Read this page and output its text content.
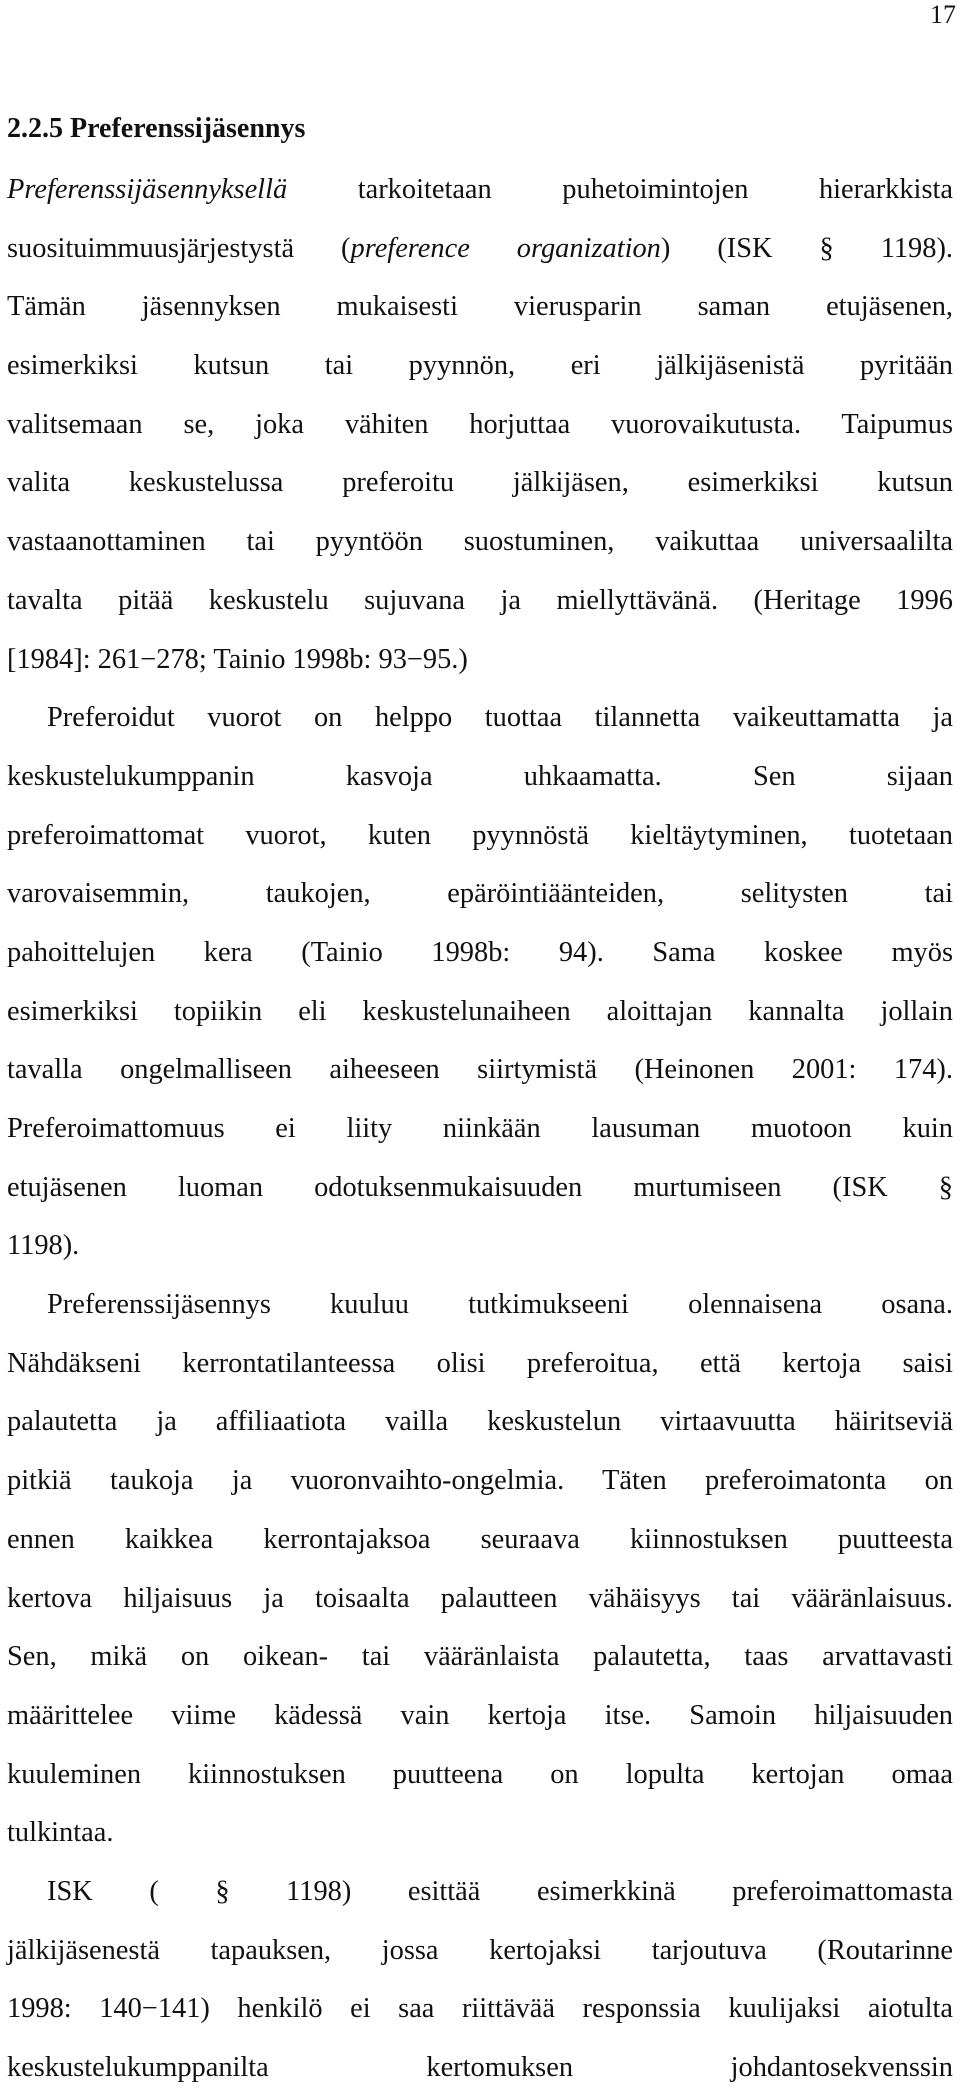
17
2.2.5 Preferenssijäsennys
Preferenssijäsennyksellä tarkoitetaan puhetoimintojen hierarkkista
suosituimmuusjärjestystä (preference organization) (ISK § 1198).
Tämän jäsennyksen mukaisesti vierusparin saman etujäsenen,
esimerkiksi kutsun tai pyynnön, eri jälkijäsenistä pyritään
valitsemaan se, joka vähiten horjuttaa vuorovaikutusta. Taipumus
valita keskustelussa preferoitu jälkijäsen, esimerkiksi kutsun
vastaanottaminen tai pyyntöön suostuminen, vaikuttaa universaalilta
tavalta pitää keskustelu sujuvana ja miellyttävänä. (Heritage 1996
[1984]: 261−278; Tainio 1998b: 93−95.)
Preferoidut vuorot on helppo tuottaa tilannetta vaikeuttamatta ja
keskustelukumppanin kasvoja uhkaamatta. Sen sijaan
preferoimattomat vuorot, kuten pyynnöstä kieltäytyminen, tuotetaan
varovaisemmin, taukojen, epäröintiäänteiden, selitysten tai
pahoittelujen kera (Tainio 1998b: 94). Sama koskee myös
esimerkiksi topiikin eli keskustelunaiheen aloittajan kannalta jollain
tavalla ongelmalliseen aiheeseen siirtymistä (Heinonen 2001: 174).
Preferoimattomuus ei liity niinkään lausuman muotoon kuin
etujäsenen luoman odotuksenmukaisuuden murtumiseen (ISK §
1198).
Preferenssijäsennys kuuluu tutkimukseeni olennaisena osana.
Nähdäkseni kerrontatilanteessa olisi preferoitua, että kertoja saisi
palautetta ja affiliaatiota vailla keskustelun virtaavuutta häiritseviä
pitkiä taukoja ja vuoronvaihto-ongelmia. Täten preferoimatonta on
ennen kaikkea kerrontajaksoa seuraava kiinnostuksen puutteesta
kertova hiljaisuus ja toisaalta palautteen vähäisyys tai vääränlaisuus.
Sen, mikä on oikean- tai vääränlaista palautetta, taas arvattavasti
määrittelee viime kädessä vain kertoja itse. Samoin hiljaisuuden
kuuleminen kiinnostuksen puutteena on lopulta kertojan omaa
tulkintaa.
ISK ( § 1198) esittää esimerkkinä preferoimattomasta
jälkijäsenestä tapauksen, jossa kertojaksi tarjoutuva (Routarinne
1998: 140−141) henkilö ei saa riittävää responssia kuulijaksi aiotulta
keskustelukumppanilta kertomuksen johdantosekvenssin
